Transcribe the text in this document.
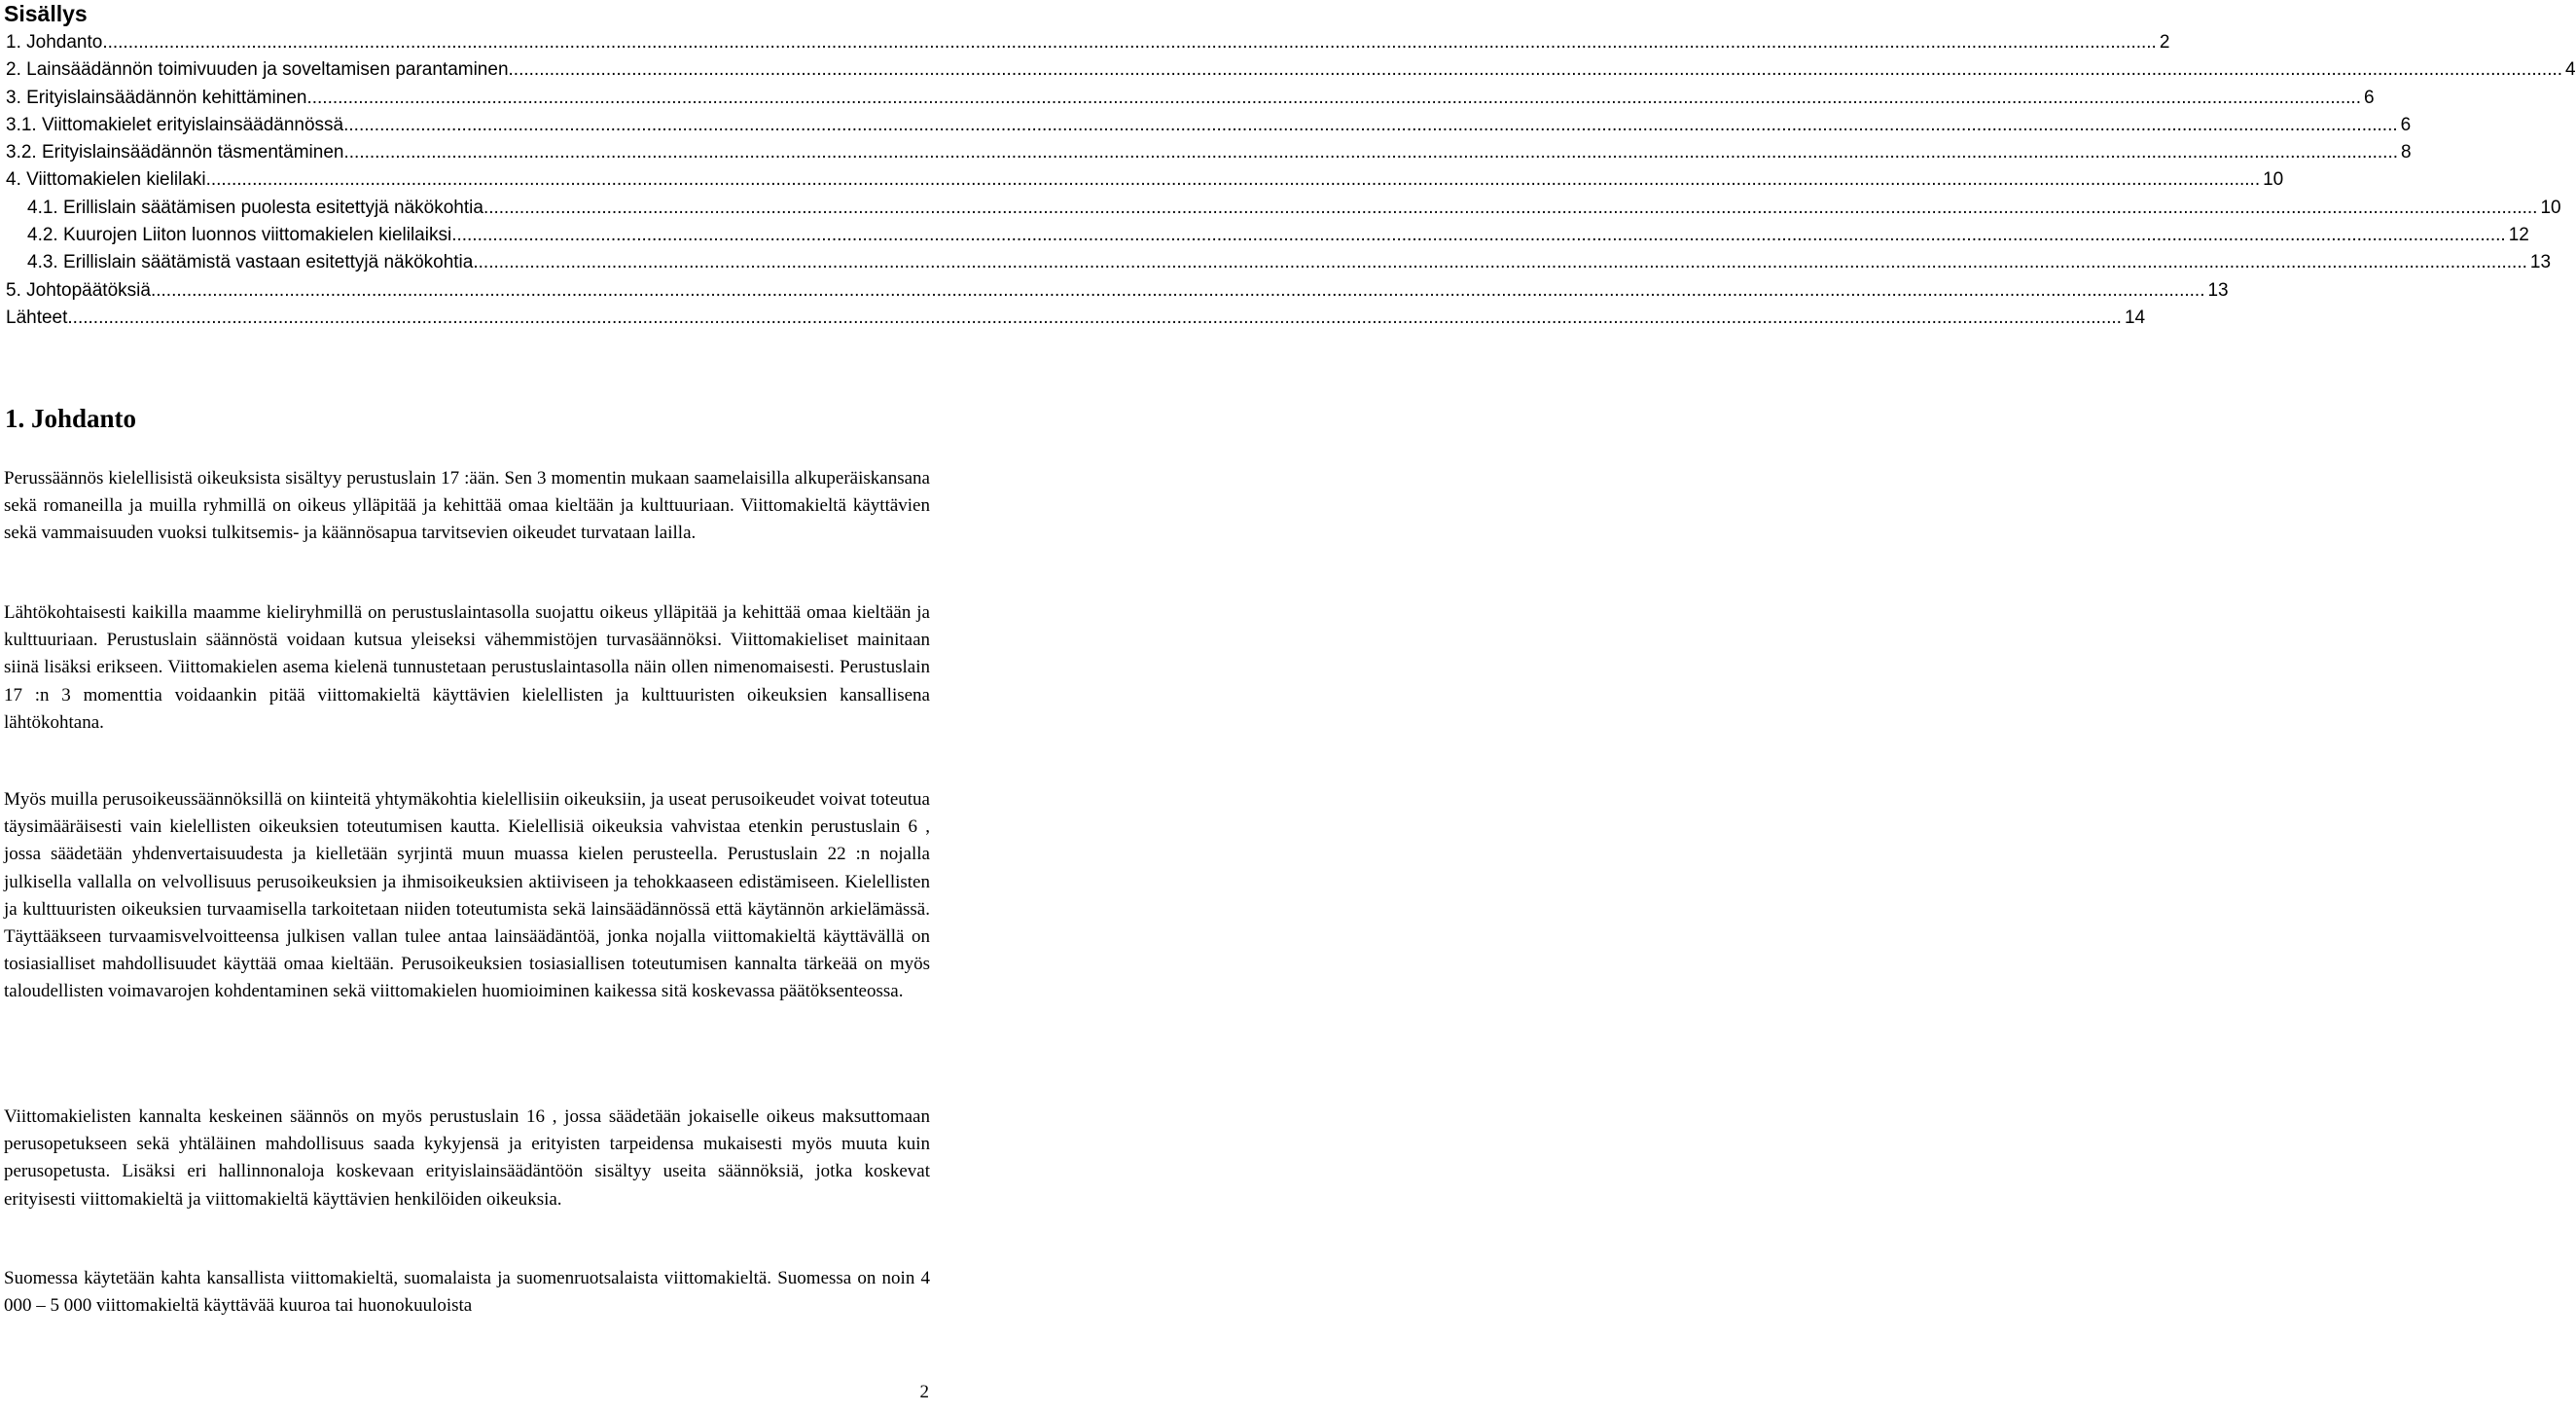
Sisällys
1. Johdanto ................................................................................................................................................................................................................................................................................................................................................................................................................ 2
2. Lainsäädännön toimivuuden ja soveltamisen parantaminen ................................................................................................................................................................................................................................................................................................................................................................................................................ 4
3. Erityislainsäädännön kehittäminen ................................................................................................................................................................................................................................................................................................................................................................................................................ 6
3.1. Viittomakielet erityislainsäädännössä ................................................................................................................................................................................................................................................................................................................................................................................................................ 6
3.2. Erityislainsäädännön täsmentäminen ................................................................................................................................................................................................................................................................................................................................................................................................................ 8
4. Viittomakielen kielilaki ................................................................................................................................................................................................................................................................................................................................................................................................................ 10
4.1. Erillislain säätämisen puolesta esitettyjä näkökohtia ................................................................................................................................................................................................................................................................................................................................................................................................................ 10
4.2. Kuurojen Liiton luonnos viittomakielen kielilaiksi ................................................................................................................................................................................................................................................................................................................................................................................................................ 12
4.3. Erillislain säätämistä vastaan esitettyjä näkökohtia ................................................................................................................................................................................................................................................................................................................................................................................................................ 13
5. Johtopäätöksiä ................................................................................................................................................................................................................................................................................................................................................................................................................ 13
Lähteet ................................................................................................................................................................................................................................................................................................................................................................................................................ 14
1. Johdanto

Perussäännös kielellisistä oikeuksista sisältyy perustuslain 17 :ään. Sen 3 momentin mukaan saamelaisilla alkuperäiskansana sekä romaneilla ja muilla ryhmillä on oikeus ylläpitää ja kehittää omaa kieltään ja kulttuuriaan. Viittomakieltä käyttävien sekä vammaisuuden vuoksi tulkitsemis- ja käännösapua tarvitsevien oikeudet turvataan lailla.

Lähtökohtaisesti kaikilla maamme kieliryhmillä on perustuslaintasolla suojattu oikeus ylläpitää ja kehittää omaa kieltään ja kulttuuriaan. Perustuslain säännöstä voidaan kutsua yleiseksi vähemmistöjen turvasäännöksi. Viittomakieliset mainitaan siinä lisäksi erikseen. Viittomakielen asema kielenä tunnustetaan perustuslaintasolla näin ollen nimenomaisesti. Perustuslain 17 :n 3 momenttia voidaankin pitää viittomakieltä käyttävien kielellisten ja kulttuuristen oikeuksien kansallisena lähtökohtana.

Myös muilla perusoikeussäännöksillä on kiinteitä yhtymäkohtia kielellisiin oikeuksiin, ja useat perusoikeudet voivat toteutua täysimääräisesti vain kielellisten oikeuksien toteutumisen kautta. Kielellisiä oikeuksia vahvistaa etenkin perustuslain 6 , jossa säädetään yhdenvertaisuudesta ja kielletään syrjintä muun muassa kielen perusteella. Perustuslain 22 :n nojalla julkisella vallalla on velvollisuus perusoikeuksien ja ihmisoikeuksien aktiiviseen ja tehokkaaseen edistämiseen. Kielellisten ja kulttuuristen oikeuksien turvaamisella tarkoitetaan niiden toteutumista sekä lainsäädännössä että käytännön arkielämässä. Täyttääkseen turvaamisvelvoitteensa julkisen vallan tulee antaa lainsäädäntöä, jonka nojalla viittomakieltä käyttävällä on tosiasialliset mahdollisuudet käyttää omaa kieltään. Perusoikeuksien tosiasiallisen toteutumisen kannalta tärkeää on myös taloudellisten voimavarojen kohdentaminen sekä viittomakielen huomioiminen kaikessa sitä koskevassa päätöksenteossa.

Viittomakielisten kannalta keskeinen säännös on myös perustuslain 16 , jossa säädetään jokaiselle oikeus maksuttomaan perusopetukseen sekä yhtäläinen mahdollisuus saada kykyjensä ja erityisten tarpeidensa mukaisesti myös muuta kuin perusopetusta. Lisäksi eri hallinnonaloja koskevaan erityislainsäädäntöön sisältyy useita säännöksiä, jotka koskevat erityisesti viittomakieltä ja viittomakieltä käyttävien henkilöiden oikeuksia.

Suomessa käytetään kahta kansallista viittomakieltä, suomalaista ja suomenruotsalaista viittomakieltä. Suomessa on noin 4 000 – 5 000 viittomakieltä käyttävää kuuroa tai huonokuuloista

2
